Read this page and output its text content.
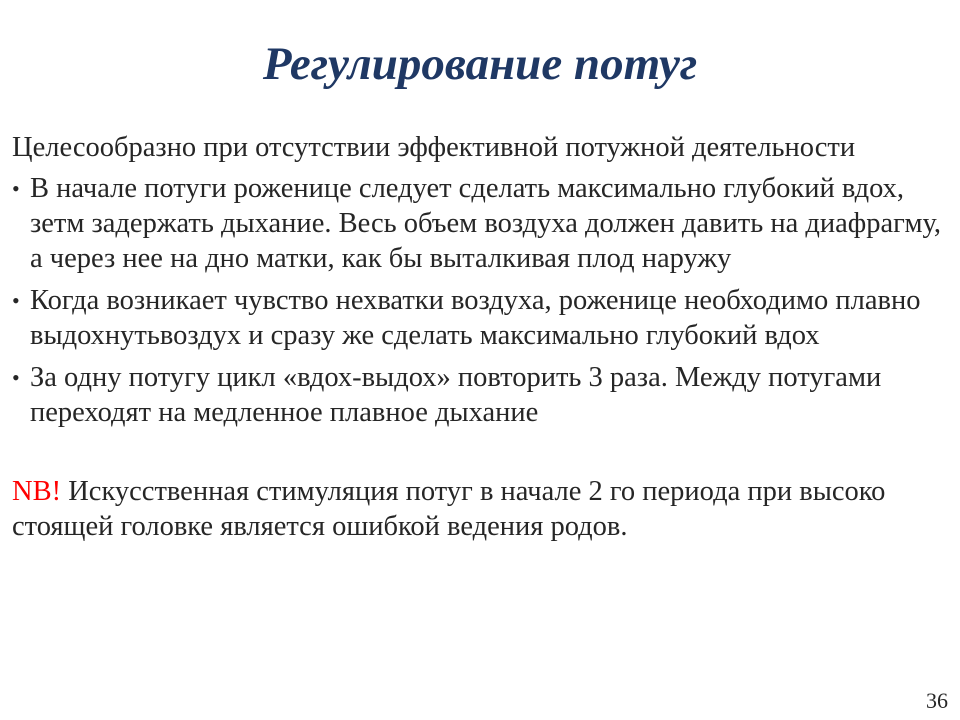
Регулирование потуг
Целесообразно при отсутствии эффективной потужной деятельности
• В начале потуги роженице следует сделать максимально глубокий вдох, зетм задержать дыхание. Весь объем воздуха должен давить на диафрагму, а через нее на дно матки, как бы выталкивая плод наружу
• Когда возникает чувство нехватки воздуха, роженице необходимо плавно выдохнутьвоздух и сразу же сделать максимально глубокий вдох
• За одну потугу цикл «вдох-выдох» повторить 3 раза. Между потугами переходят на медленное плавное дыхание
NB! Искусственная стимуляция потуг в начале 2 го периода при высоко стоящей головке является ошибкой ведения родов.
36
